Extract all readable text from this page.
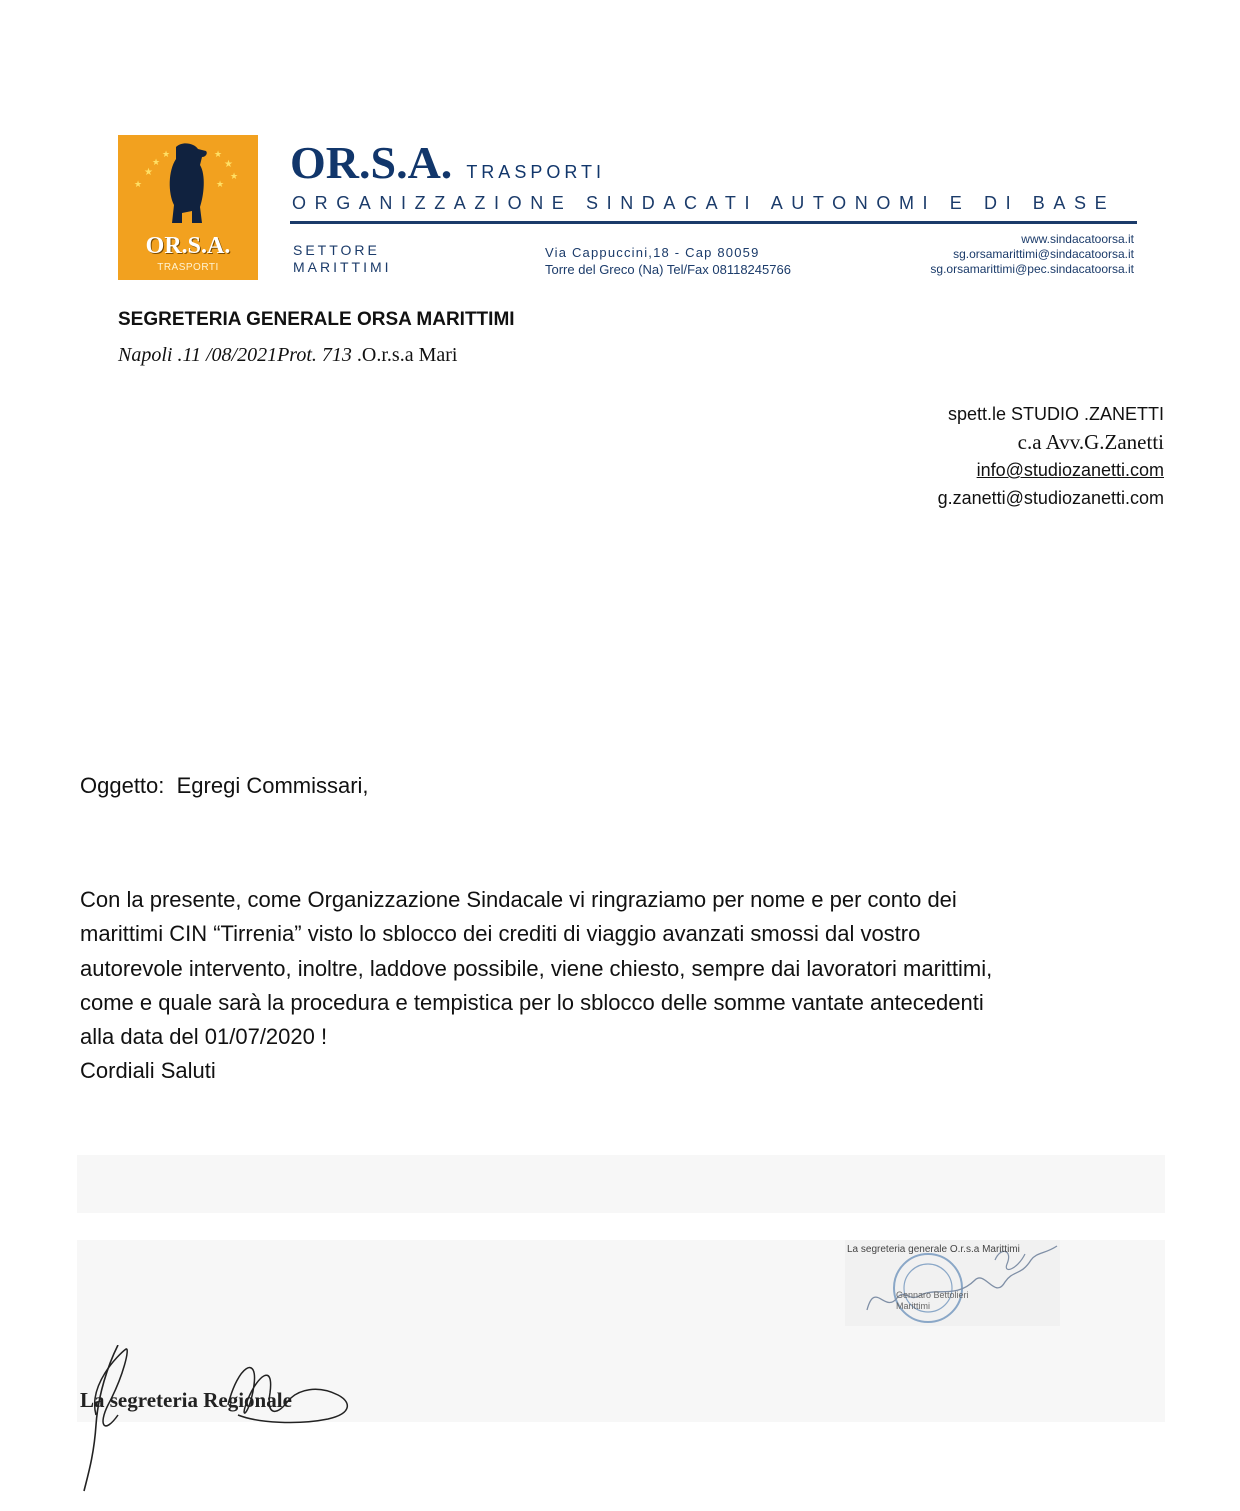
★
★
★
★	★
★
★
★
OR.S.A.
TRASPORTI
OR.S.A. TRASPORTI
ORGANIZZAZIONE SINDACATI AUTONOMI E DI BASE
SETTORE
MARITTIMI
Via Cappuccini,18 - Cap 80059
Torre del Greco (Na) Tel/Fax 08118245766
www.sindacatoorsa.it
sg.orsamarittimi@sindacatoorsa.it
sg.orsamarittimi@pec.sindacatoorsa.it
SEGRETERIA GENERALE ORSA MARITTIMI
Napoli .11 /08/2021Prot. 713 .O.r.s.a Mari
spett.le STUDIO .ZANETTI
c.a Avv.G.Zanetti
info@studiozanetti.com
g.zanetti@studiozanetti.com
Oggetto:  Egregi Commissari,

Con la presente, come Organizzazione Sindacale vi ringraziamo per nome e per conto dei

marittimi CIN “Tirrenia” visto lo sblocco dei crediti di viaggio avanzati smossi dal vostro

autorevole intervento, inoltre, laddove possibile, viene chiesto, sempre dai lavoratori marittimi,

come e quale sarà la procedura e tempistica per lo sblocco delle somme vantate antecedenti

alla data del 01/07/2020 !

Cordiali Saluti

La segreteria generale O.r.s.a Marittimi
Gennaro Bettolieri
Marittimi
La segreteria Regionale
